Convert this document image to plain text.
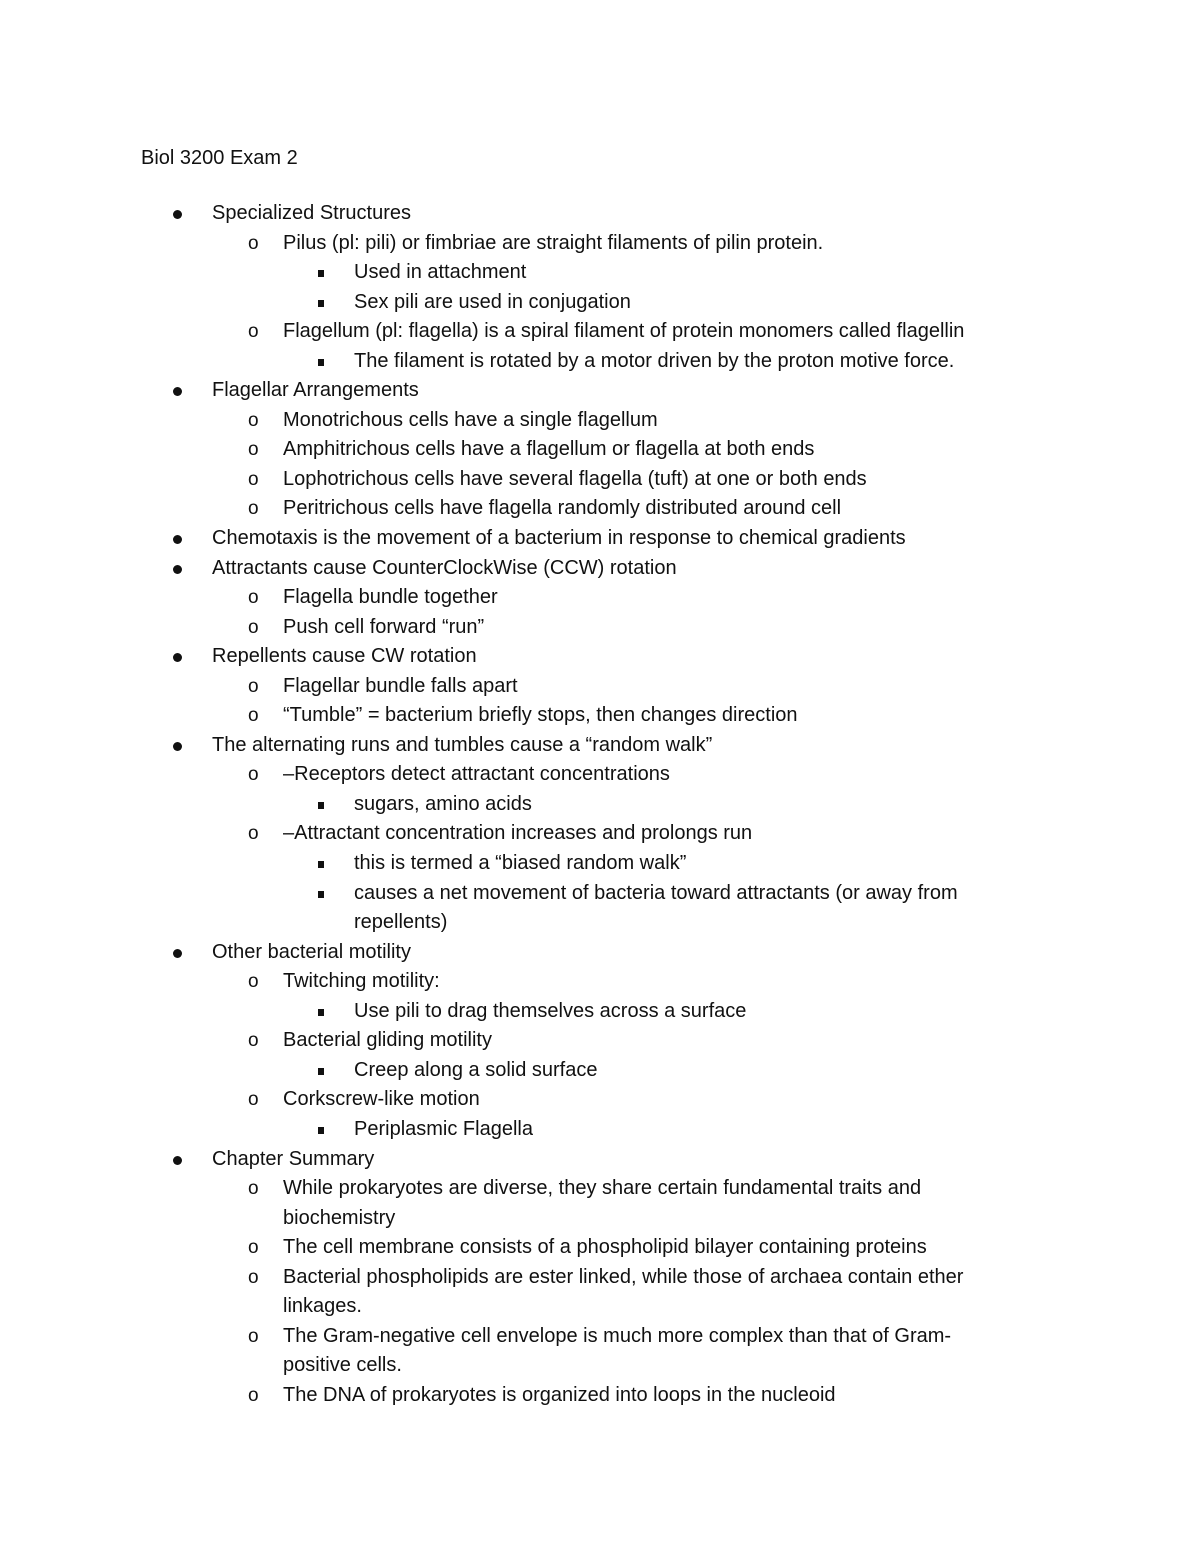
Biol 3200 Exam 2
Specialized Structures
o Pilus (pl: pili) or fimbriae are straight filaments of pilin protein.
Used in attachment
Sex pili are used in conjugation
o Flagellum (pl: flagella) is a spiral filament of protein monomers called flagellin
The filament is rotated by a motor driven by the proton motive force.
Flagellar Arrangements
o Monotrichous cells have a single flagellum
o Amphitrichous cells have a flagellum or flagella at both ends
o Lophotrichous cells have several flagella (tuft) at one or both ends
o Peritrichous cells have flagella randomly distributed around cell
Chemotaxis is the movement of a bacterium in response to chemical gradients
Attractants cause CounterClockWise (CCW) rotation
o Flagella bundle together
o Push cell forward “run”
Repellents cause CW rotation
o Flagellar bundle falls apart
o “Tumble” = bacterium briefly stops, then changes direction
The alternating runs and tumbles cause a “random walk”
o –Receptors detect attractant concentrations
sugars, amino acids
o –Attractant concentration increases and prolongs run
this is termed a “biased random walk”
causes a net movement of bacteria toward attractants (or away from
repellents)
Other bacterial motility
o Twitching motility:
Use pili to drag themselves across a surface
o Bacterial gliding motility
Creep along a solid surface
o Corkscrew-like motion
Periplasmic Flagella
Chapter Summary
o While prokaryotes are diverse, they share certain fundamental traits and
biochemistry
o The cell membrane consists of a phospholipid bilayer containing proteins
o Bacterial phospholipids are ester linked, while those of archaea contain ether
linkages.
o The Gram-negative cell envelope is much more complex than that of Gram-
positive cells.
o The DNA of prokaryotes is organized into loops in the nucleoid
